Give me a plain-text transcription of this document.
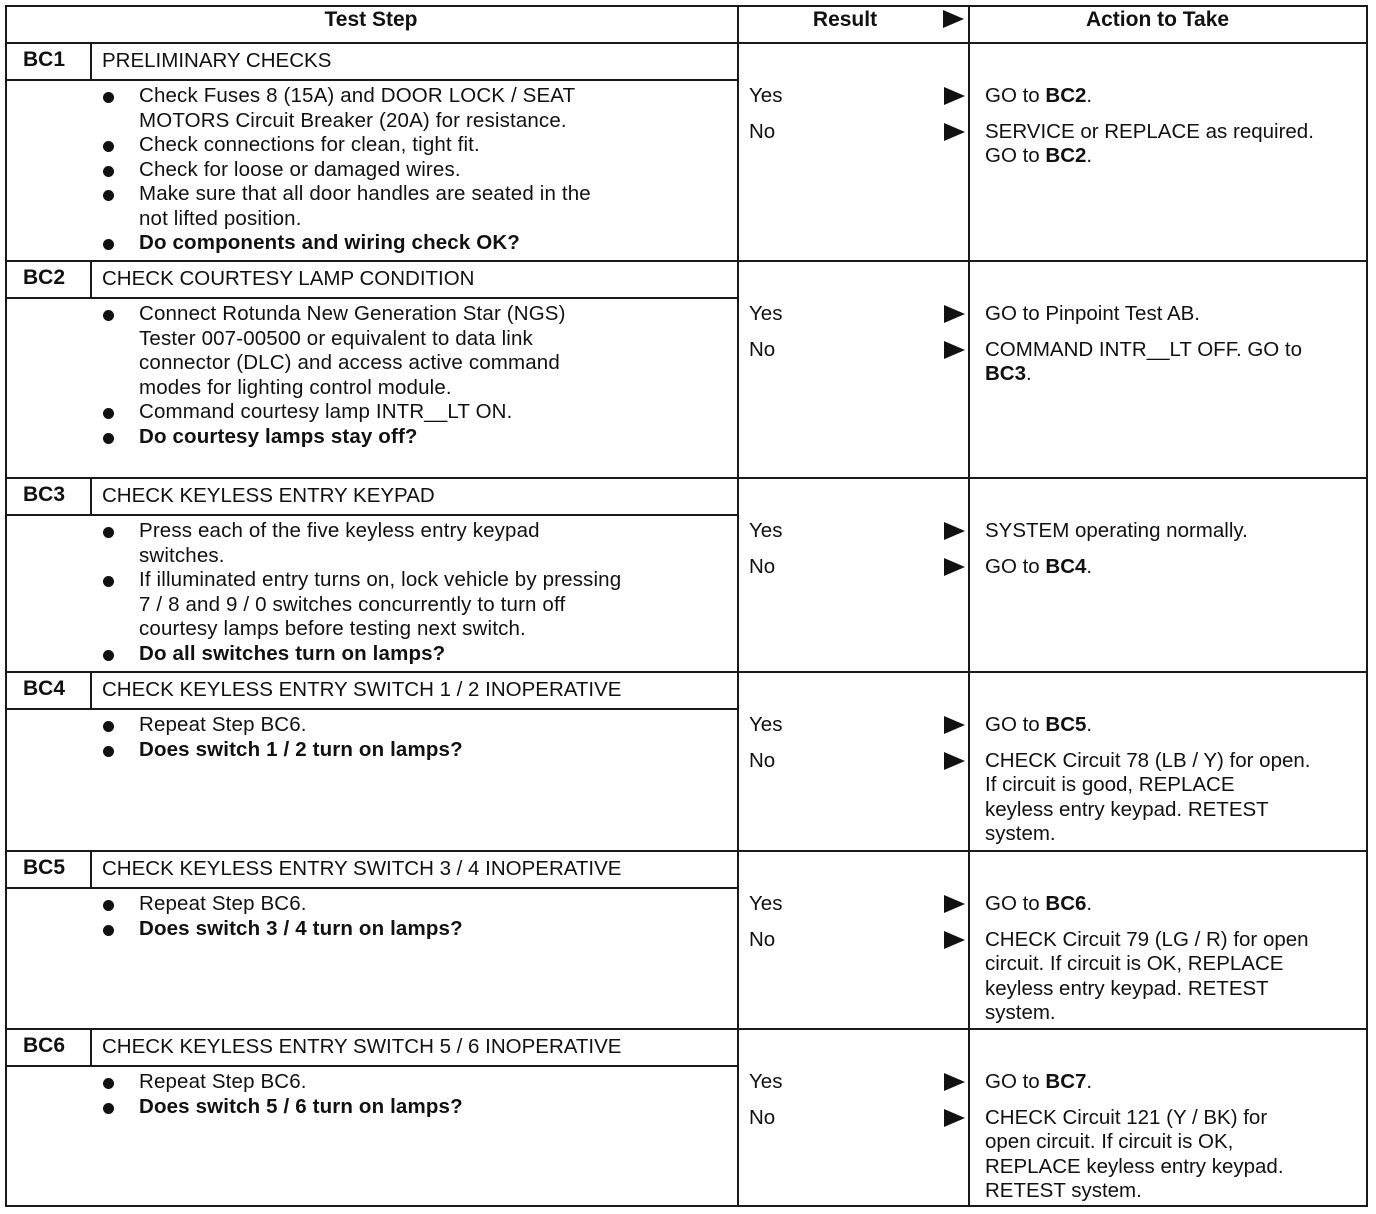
Test Step	Result	Action to Take
BC1 PRELIMINARY CHECKS
Check Fuses 8 (15A) and DOOR LOCK / SEAT
MOTORS Circuit Breaker (20A) for resistance.
Check connections for clean, tight fit.
Check for loose or damaged wires.
Make sure that all door handles are seated in the
not lifted position.
Do components and wiring check OK?
Yes	GO to BC2.
No	SERVICE or REPLACE as required.
GO to BC2.
BC2 CHECK COURTESY LAMP CONDITION
Connect Rotunda New Generation Star (NGS)
Tester 007-00500 or equivalent to data link
connector (DLC) and access active command
modes for lighting control module.
Command courtesy lamp INTR__LT ON.
Do courtesy lamps stay off?
Yes	GO to Pinpoint Test AB.
No	COMMAND INTR__LT OFF. GO to
BC3.
BC3 CHECK KEYLESS ENTRY KEYPAD
Press each of the five keyless entry keypad
switches.
If illuminated entry turns on, lock vehicle by pressing
7 / 8 and 9 / 0 switches concurrently to turn off
courtesy lamps before testing next switch.
Do all switches turn on lamps?
Yes	SYSTEM operating normally.
No	GO to BC4.
BC4 CHECK KEYLESS ENTRY SWITCH 1 / 2 INOPERATIVE
Repeat Step BC6.
Does switch 1 / 2 turn on lamps?
Yes	GO to BC5.
No	CHECK Circuit 78 (LB / Y) for open.
If circuit is good, REPLACE
keyless entry keypad. RETEST
system.
BC5 CHECK KEYLESS ENTRY SWITCH 3 / 4 INOPERATIVE
Repeat Step BC6.
Does switch 3 / 4 turn on lamps?
Yes	GO to BC6.
No	CHECK Circuit 79 (LG / R) for open
circuit. If circuit is OK, REPLACE
keyless entry keypad. RETEST
system.
BC6 CHECK KEYLESS ENTRY SWITCH 5 / 6 INOPERATIVE
Repeat Step BC6.
Does switch 5 / 6 turn on lamps?
Yes	GO to BC7.
No	CHECK Circuit 121 (Y / BK) for
open circuit. If circuit is OK,
REPLACE keyless entry keypad.
RETEST system.
